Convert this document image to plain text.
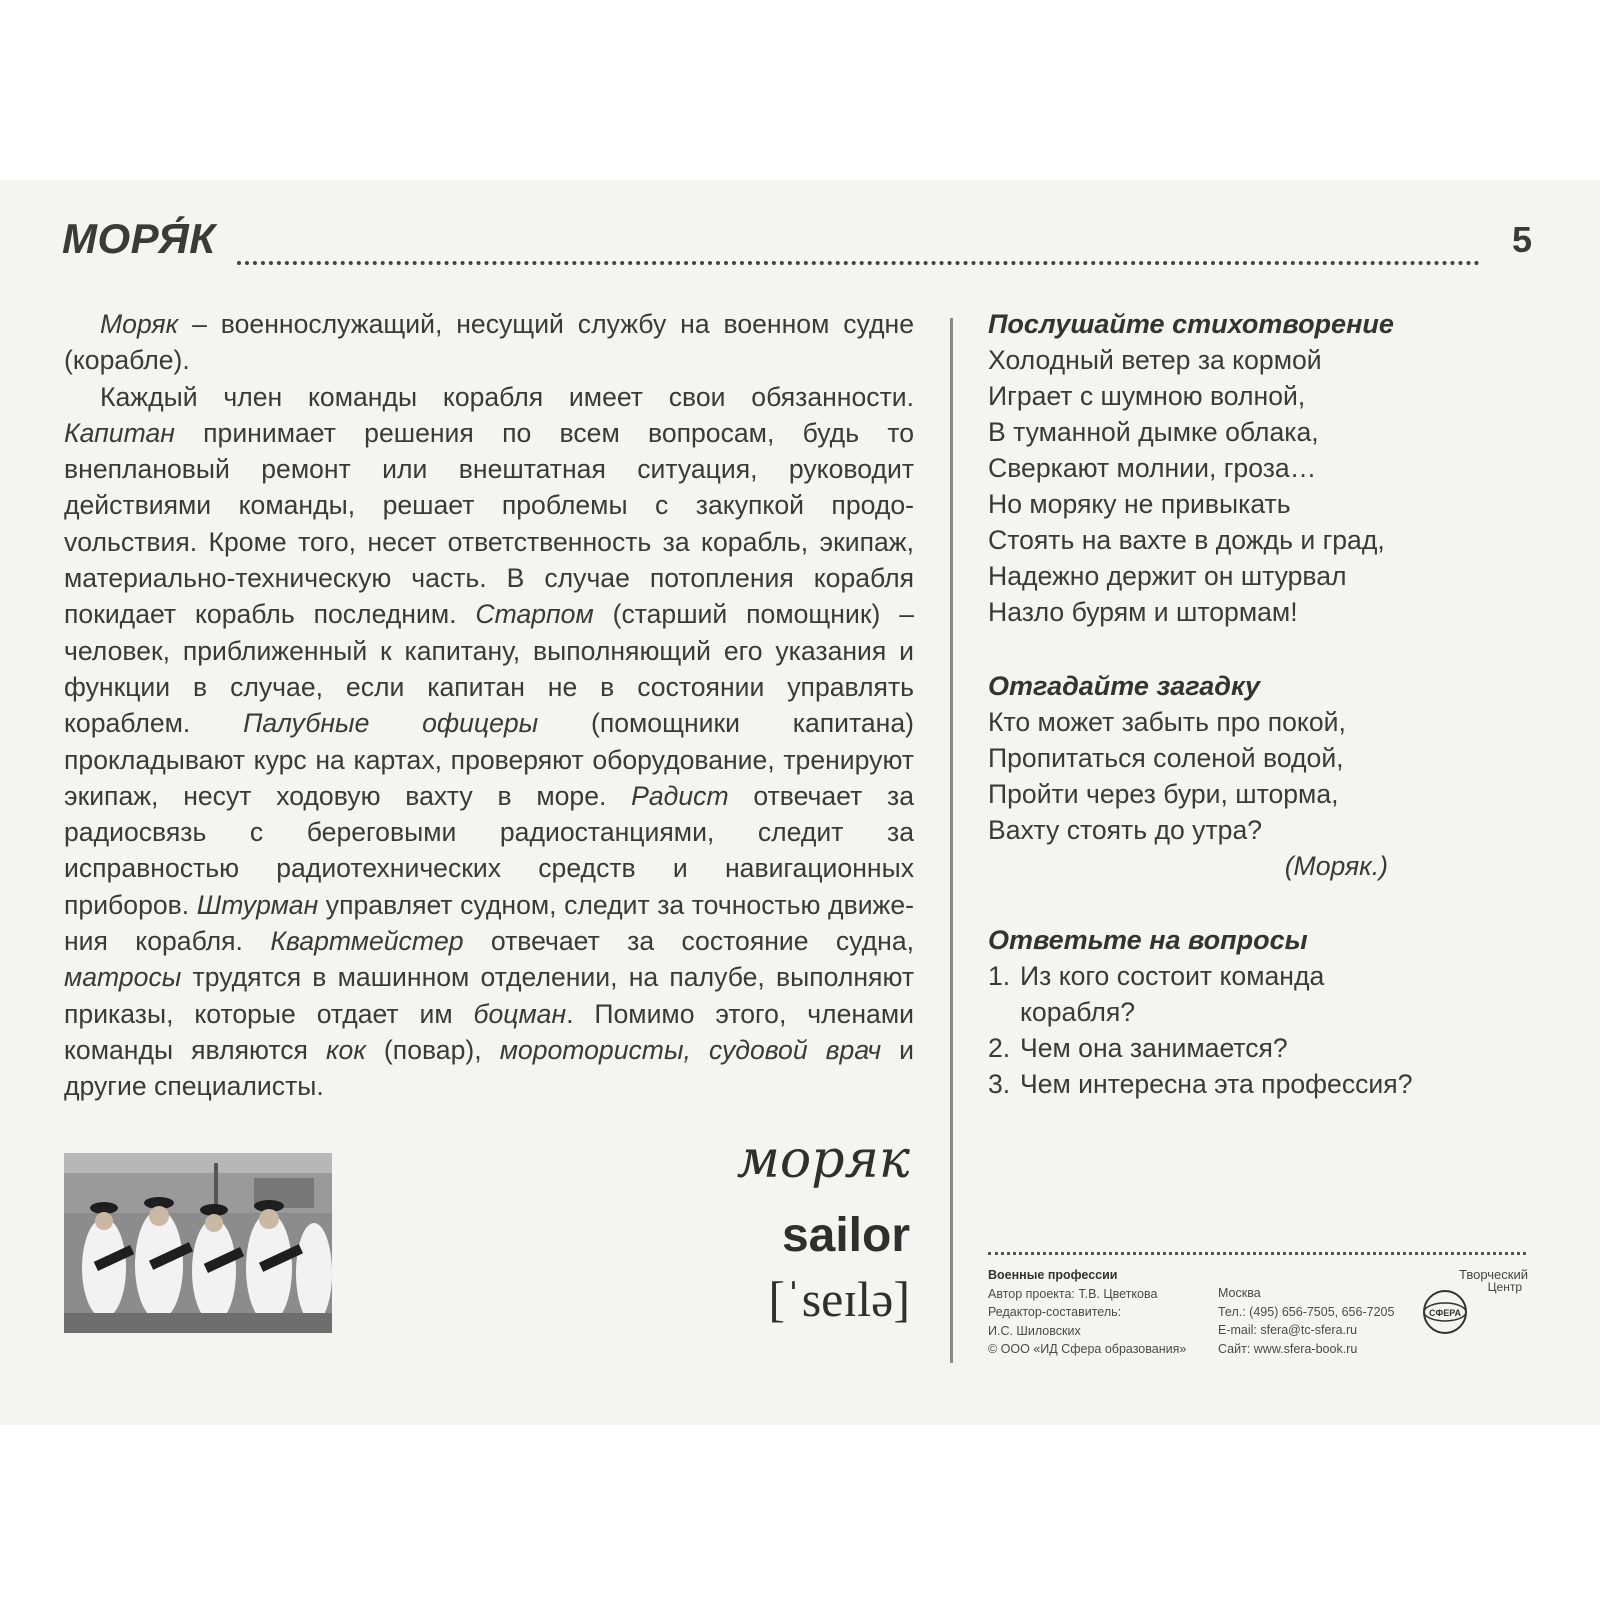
МОРЯ́К	5

Моряк – военнослужащий, несущий службу на военном судне (корабле).

Каждый член команды корабля имеет свои обязанности. Капитан принимает решения по всем вопросам, будь то внеплановый ремонт или внештатная ситуация, руководит действиями команды, решает проблемы с закупкой продоvольствия. Кроме того, несет ответственность за корабль, экипаж, материально-техническую часть. В случае потопления корабля покидает корабль последним. Старпом (старший помощник) – человек, приближенный к капитану, выполняющий его указания и функции в случае, если капитан не в состоянии управлять кораблем. Палубные офицеры (помощники капитана) прокладывают курс на картах, проверяют оборудование, тренируют экипаж, несут ходовую вахту в море. Радист отвечает за радиосвязь с береговыми радиостанциями, следит за исправностью радиотехнических средств и навигационных приборов. Штурман управляет судном, следит за точностью движения корабля. Квартмейстер отвечает за состояние судна, матросы трудятся в машинном отделении, на палубе, выполняют приказы, которые отдает им боцман. Помимо этого, членами команды являются кок (повар), моротористы, судовой врач и другие специалисты.

Послушайте стихотворение
Холодный ветер за кормой
Играет с шумною волной,
В туманной дымке облака,
Сверкают молнии, гроза…
Но моряку не привыкать
Стоять на вахте в дождь и град,
Надежно держит он штурвал
Назло бурям и штормам!
Отгадайте загадку
Кто может забыть про покой,
Пропитаться соленой водой,
Пройти через бури, шторма,
Вахту стоять до утра?
(Моряк.)
Ответьте на вопросы
1. Из кого состоит команда корабля?
2. Чем она занимается?
3. Чем интересна эта профессия?
моряк
sailor
[ˈseɪlə]	Военные профессии
Автор проекта: Т.В. Цветкова
Редактор-составитель:
И.С. Шиловских
© ООО «ИД Сфера образования»
Москва
Тел.: (495) 656-7505, 656-7205
E-mail: sfera@tc-sfera.ru
Сайт: www.sfera-book.ru
Творческий
Центр
СФЕРА
